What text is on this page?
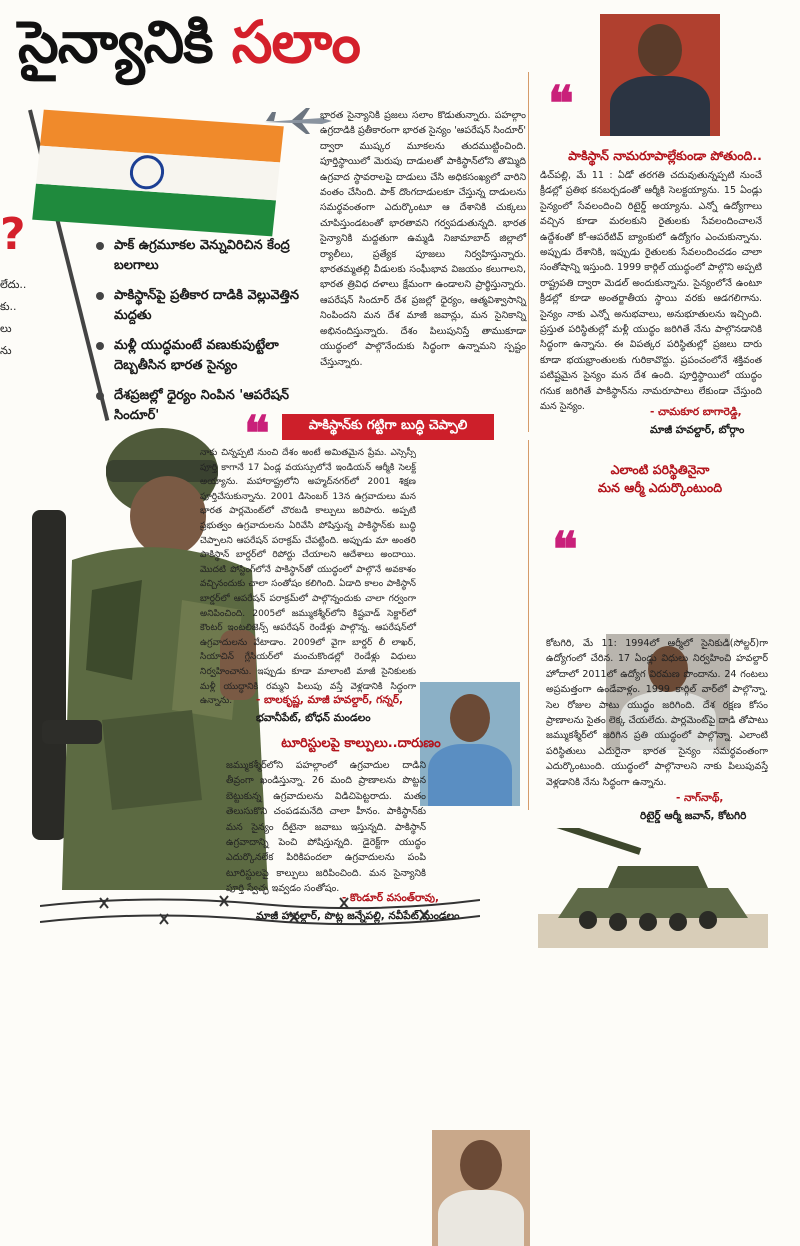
సైన్యానికి సలాం
?
లేదు..
కు..
లు
ను
పాక్ ఉగ్రమూకల వెన్నువిరిచిన కేంద్ర బలగాలు
పాకిస్థాన్‌పై ప్రతీకార దాడికి వెల్లువెత్తిన మద్దతు
మళ్లీ యుద్ధమంటే వణుకుపుట్టేలా దెబ్బతీసిన భారత సైన్యం
దేశప్రజల్లో ధైర్యం నింపిన 'ఆపరేషన్ సిందూర్'
భారత సైన్యానికి ప్రజలు సలాం కొడుతున్నారు. పహల్గాం ఉగ్రదాడికి ప్రతీకారంగా భారత సైన్యం 'ఆపరేషన్ సిందూర్' ద్వారా ముష్కర మూకలను తుదముట్టించింది. పూర్తిస్థాయిలో మెరుపు దాడులతో పాకిస్థాన్‌లోని తొమ్మిది ఉగ్రవాద స్థావరాలపై దాడులు చేసి అధికసంఖ్యలో వారిని వంతం చేసింది. పాక్ దొంగదాడులకూ చేస్తున్న దాడులను సమర్థవంతంగా ఎదుర్కొంటూ ఆ దేశానికి చుక్కలు చూపిస్తుండటంతో భారతావని గర్వపడుతున్నది. భారత సైన్యానికి మద్దతుగా ఉమ్మడి నిజామాబాద్ జిల్లాలో ర్యాలీలు, ప్రత్యేక పూజలు నిర్వహిస్తున్నారు. భారతమ్మతల్లి వీడులకు సంఘీభావ విజయం కలుగాలని, భారత త్రివిధ దళాలు క్షేమంగా ఉండాలని ప్రార్థిస్తున్నారు. ఆపరేషన్ సిందూర్ దేశ ప్రజల్లో ధైర్యం, ఆత్మవిశ్వాసాన్ని నింపిందని మన దేశ మాజీ జవాన్లు, మన సైనికాన్ని అభినందిస్తున్నారు. దేశం పిలుపునిస్తే తాముకూడా యుద్ధంలో పాల్గొనేందుకు సిద్ధంగా ఉన్నామని స్పష్టం చేస్తున్నారు.
❝
పాకిస్థాన్ నామరూపాల్లేకుండా పోతుంది..
డిచ్‌పల్లి, మే 11 : ఏడో తరగతి చదువుతున్నప్పటి నుంచే క్రీడల్లో ప్రతిభ కనబర్చడంతో ఆర్మీకి సెలక్టయ్యాను. 15 ఏండ్లు సైన్యంలో సేవలందించి రిటైర్డ్ అయ్యాను. ఎన్నో ఉద్యోగాలు వచ్చిన కూడా మరలకుని రైతులకు సేవలందించాలనే ఉద్దేశంతో కో-ఆపరేటివ్ బ్యాంకులో ఉద్యోగం ఎంచుకున్నాను. అప్పుడు దేశానికి, ఇప్పుడు రైతులకు సేవలందించడం చాలా సంతోషాన్ని ఇస్తుంది. 1999 కార్గిల్ యుద్ధంలో పాల్గొని అప్పటి రాష్ట్రపతి ద్వారా మెడల్ అందుకున్నాను. సైన్యంలోనే ఉంటూ క్రీడల్లో కూడా అంతర్జాతీయ స్థాయి వరకు ఆడగలిగాను. సైన్యం నాకు ఎన్నో అనుభవాలు, అనుభూతులను ఇచ్చింది. ప్రస్తుత పరిస్థితుల్లో మళ్లీ యుద్ధం జరిగితే నేను పాల్గొనడానికి సిద్ధంగా ఉన్నాను. ఈ విపత్కర పరిస్థితుల్లో ప్రజలు దారు కూడా భయభ్రాంతులకు గురికావొద్దు. ప్రపంచంలోనే శక్తివంత పటిష్టమైన సైన్యం మన దేశ ఉంది. పూర్తిస్థాయిలో యుద్ధం గనుక జరిగితే పాకిస్థాన్‌ను నామరూపాలు లేకుండా చేస్తుంది మన సైన్యం.	- చామకూర బాగారెడ్డి,
మాజీ హవల్దార్, బోర్గాం
ఎలాంటి పరిస్థితినైనా
మన ఆర్మీ ఎదుర్కొంటుంది
❝
కోటగిరి, మే 11: 1994లో ఆర్మీలో సైనికుడి(సోల్జర్)గా ఉద్యోగంలో చేరిన. 17 ఏండ్లు విధులు నిర్వహించి హవల్దార్ హోదాలో 2011లో ఉద్యోగ విరమణ పొందాను. 24 గంటలు అప్రమత్తంగా ఉండేవాళ్లం. 1999 కార్గిల్ వార్‌లో పాల్గొన్నా. సెల రోజుల పాటు యుద్ధం జరిగింది. దేశ రక్షణ కోసం ప్రాణాలను సైతం లెక్క చేయలేదు. పార్లమెంట్‌పై దాడి తోపాటు జమ్ముకశ్మీర్‌లో జరిగిన ప్రతి యుద్ధంలో పాల్గొన్నా. ఎలాంటి పరిస్థితులు ఎదురైనా భారత సైన్యం సమర్థవంతంగా ఎదుర్కొంటుంది. యుద్ధంలో పాల్గొనాలని నాకు పిలుపువస్తే వెళ్లడానికి నేను సిద్ధంగా ఉన్నాను.
- నాగ్‌నాథ్,
రిటైర్డ్ ఆర్మీ జవాన్, కోటగిరి
❝	పాకిస్థాన్‌కు గట్టిగా బుద్ధి చెప్పాలి
నాకు చిన్నప్పటి నుంచి దేశం అంటే అమితమైన ప్రేమ. ఎస్సెస్సీ పూర్తి కాగానే 17 ఏండ్ల వయస్సులోనే ఇండియన్ ఆర్మీకి సెలక్ట్ అయ్యాను. మహారాష్ట్రలోని అహ్మద్‌నగర్‌లో 2001 శిక్షణ పూర్తిచేసుకున్నాను. 2001 డిసెంబర్ 13న ఉగ్రవాదులు మన భారత పార్లమెంట్‌లో చొరబడి కాల్పులు జరిపారు. అప్పటి ప్రభుత్వం ఉగ్రవాదులను ఏరివేసి పోషిస్తున్న పాకిస్థాన్‌కు బుద్ధి చెప్పాలని ఆపరేషన్ పరాక్రమ్ చేపట్టింది. అప్పుడు మా అంతరి పాకిస్థాన్ బార్డర్‌లో రిపోర్టు చేయాలని ఆదేశాలు అందాయి. మొదటి పోస్టింగ్‌లోనే పాకిస్థాన్‌తో యుద్ధంలో పాల్గొనే అవకాశం వచ్చినందుకు చాలా సంతోషం కలిగింది. ఏడాది కాలం పాకిస్థాన్ బార్డర్‌లో ఆపరేషన్ పరాక్రమ్‌లో పాల్గొన్నందుకు చాలా గర్వంగా అనిపించింది. 2005లో జమ్ముకశ్మీర్‌లోని కిష్టవాడ్ సెక్టార్‌లో కౌంటర్ ఇంటలిజెన్స్ ఆపరేషన్ రెండేళ్లు పాల్గొన్న. ఆపరేషన్‌లో ఉగ్రవాదులను వేటాడాం. 2009లో వైగా బార్డర్ లీ లాఖర్, సియాచిన్ గ్లేసియర్‌లో మంచుకొండల్లో రెండేళ్లు విధులు నిర్వహించాను. ఇప్పుడు కూడా మాలాంటి మాజీ సైనికులకు మళ్లీ యుద్ధానికి రమ్మని పిలుపు వస్తే వెళ్లడానికి సిద్ధంగా ఉన్నాను.	- బాలకృష్ణ, మాజీ హవల్దార్, గన్నర్,
భవానీపేట్, బోధన్ మండలం
టూరిస్టులపై కాల్పులు..దారుణం
జమ్ముకశ్మీర్‌లోని పహల్గాంలో ఉగ్రవాదుల దాడిని తీవ్రంగా ఖండిస్తున్నా. 26 మంది ప్రాణాలను పొట్టన బెట్టుకున్న ఉగ్రవాదులను విడిచిపెట్టరాదు. మతం తెలుసుకొని చంపడమనేది చాలా హీనం. పాకిస్థాన్‌కు మన సైన్యం దీటైనా జవాబు ఇస్తున్నది. పాకిస్థాన్ ఉగ్రవాదాన్ని పెంచి పోషిస్తున్నది. డైరెక్ట్‌గా యుద్ధం ఎదుర్కొనలేక పిరికిపందలా ఉగ్రవాదులను పంపి టూరిస్టులపై కాల్పులు జరిపించింది. మన సైన్యానికి పూర్తి స్వేచ్ఛ ఇవ్వడం సంతోషం.
- కొండూర్ వసంత్‌రావు,
మాజీ హవల్దార్, పొట్ల జన్నేపల్లి, నవీపేట్ మండలం
